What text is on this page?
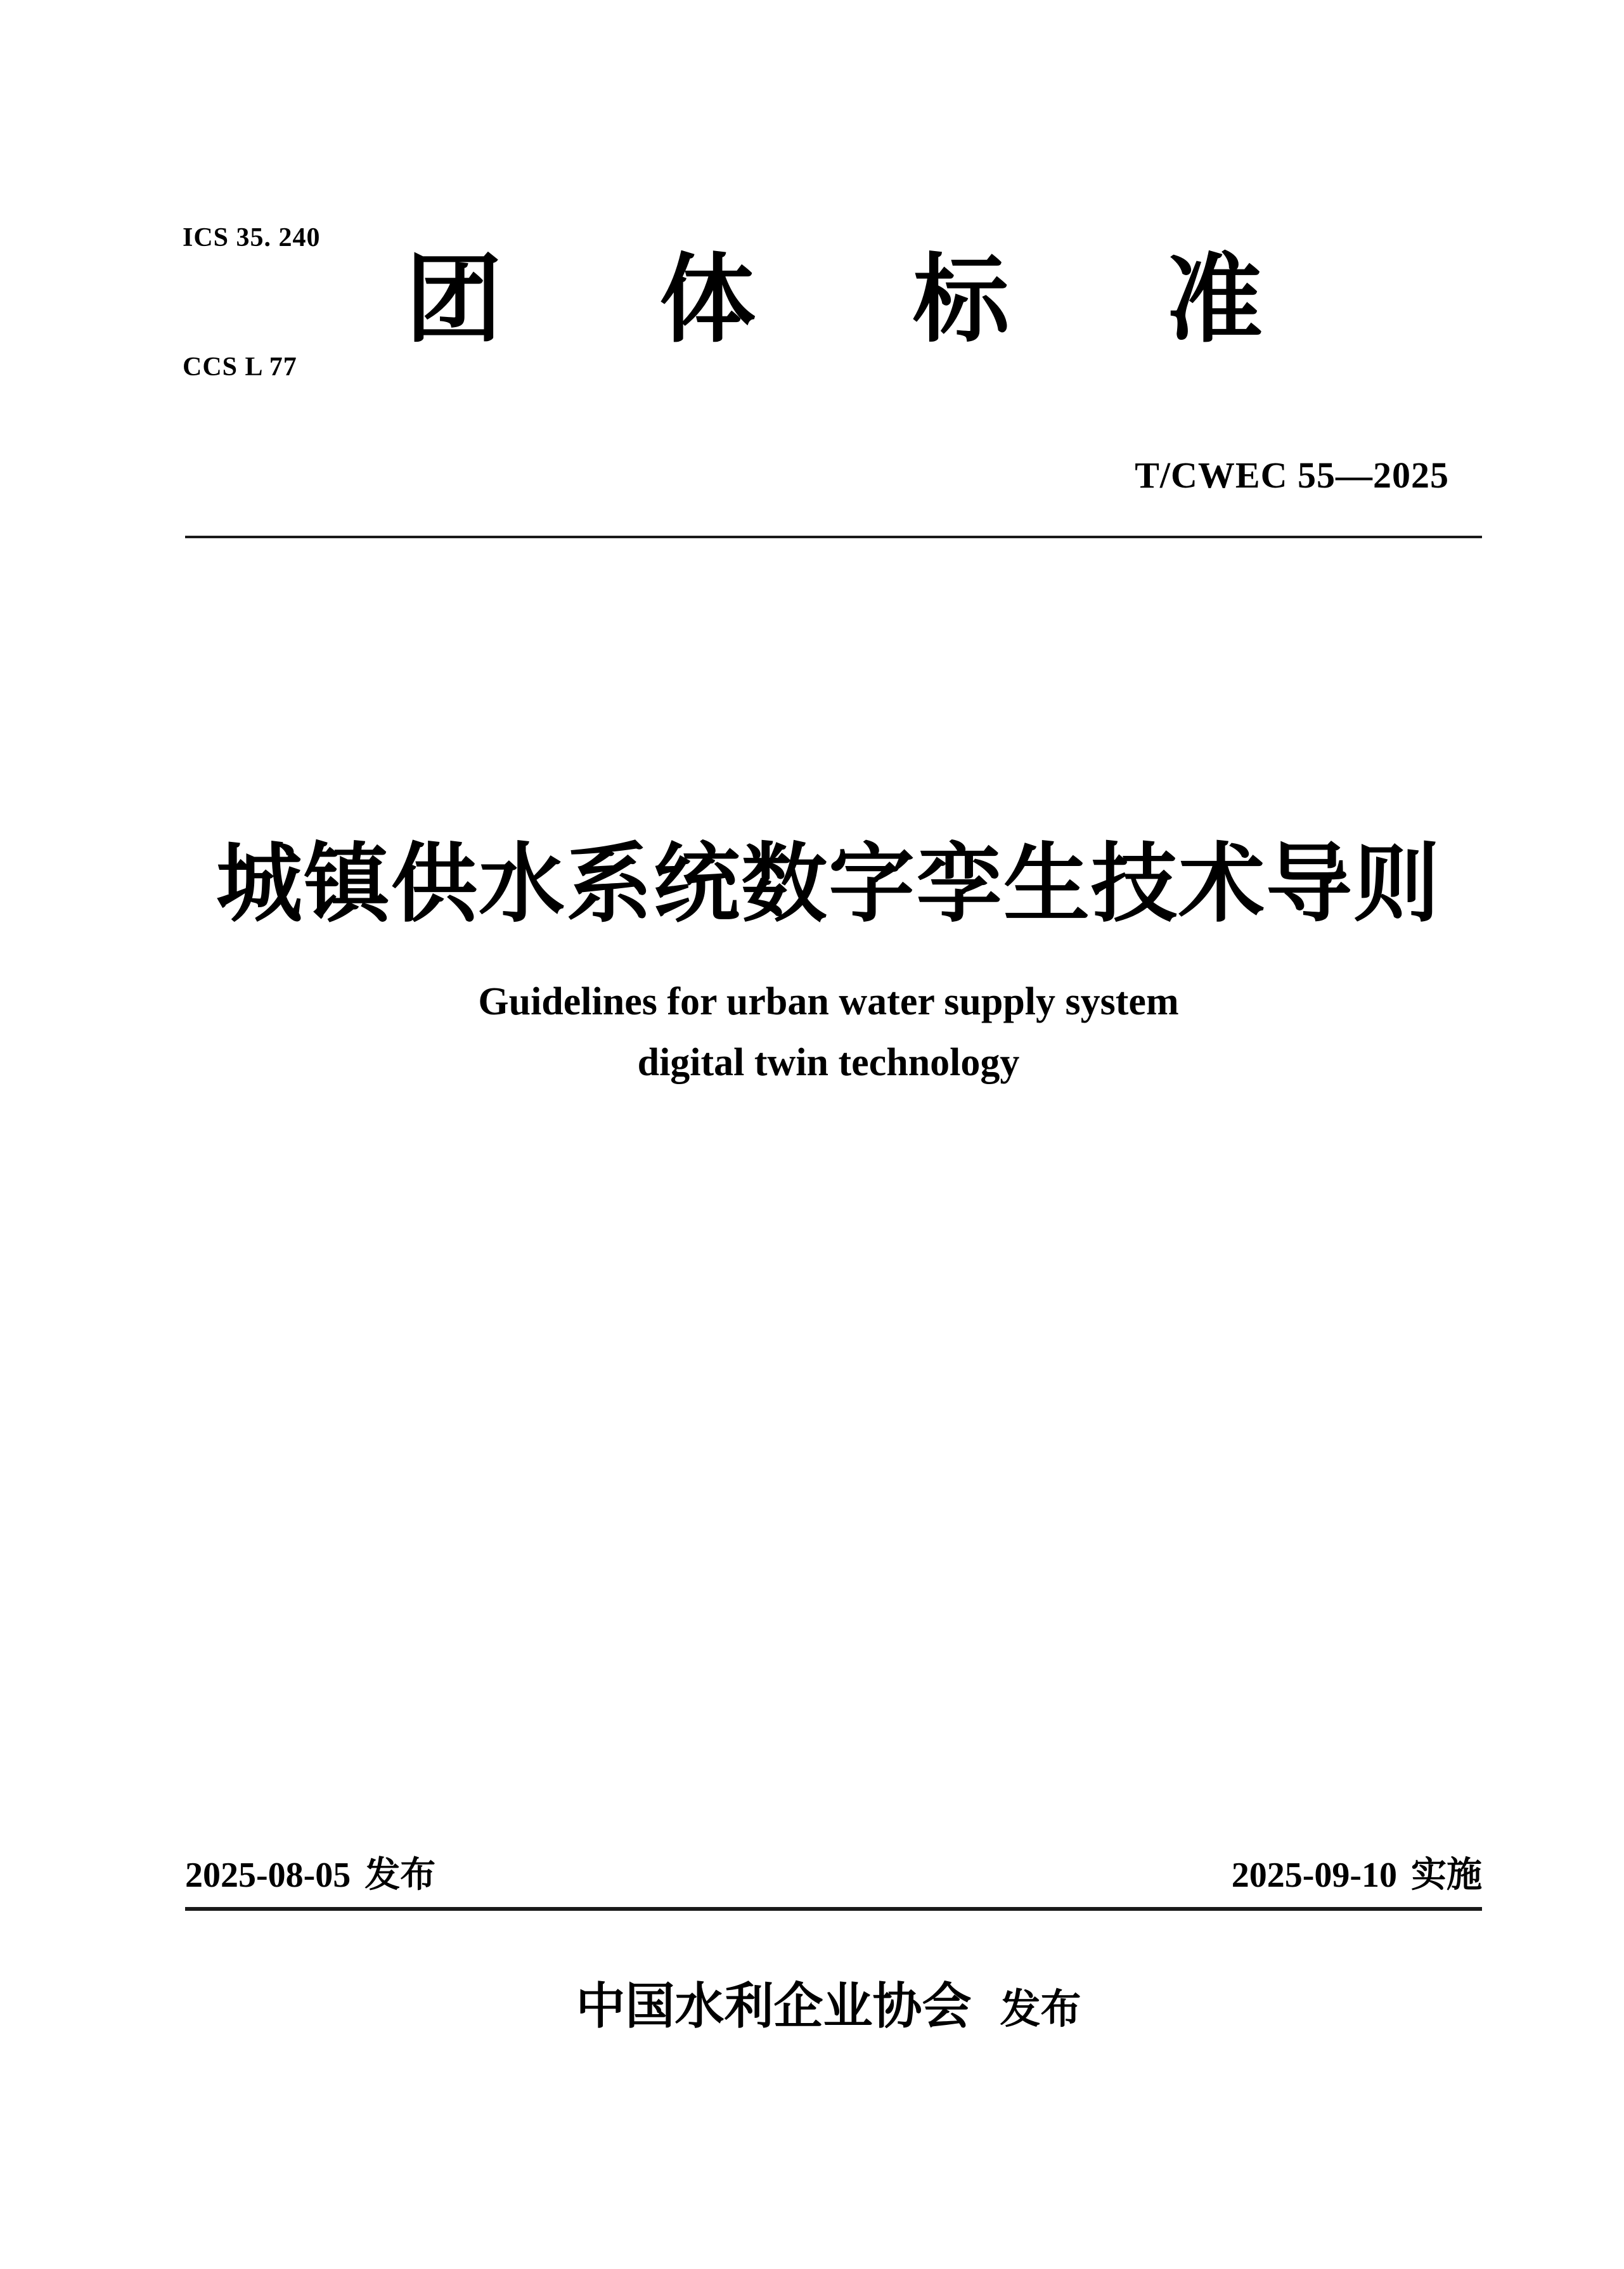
ICS 35. 240

CCS L 77

团 体 标 准
T/CWEC 55—2025
城镇供水系统数字孪生技术导则
Guidelines for urban water supply system
digital twin technology
2025-08-05 发布	2025-09-10 实施
中国水利企业协会 发布
